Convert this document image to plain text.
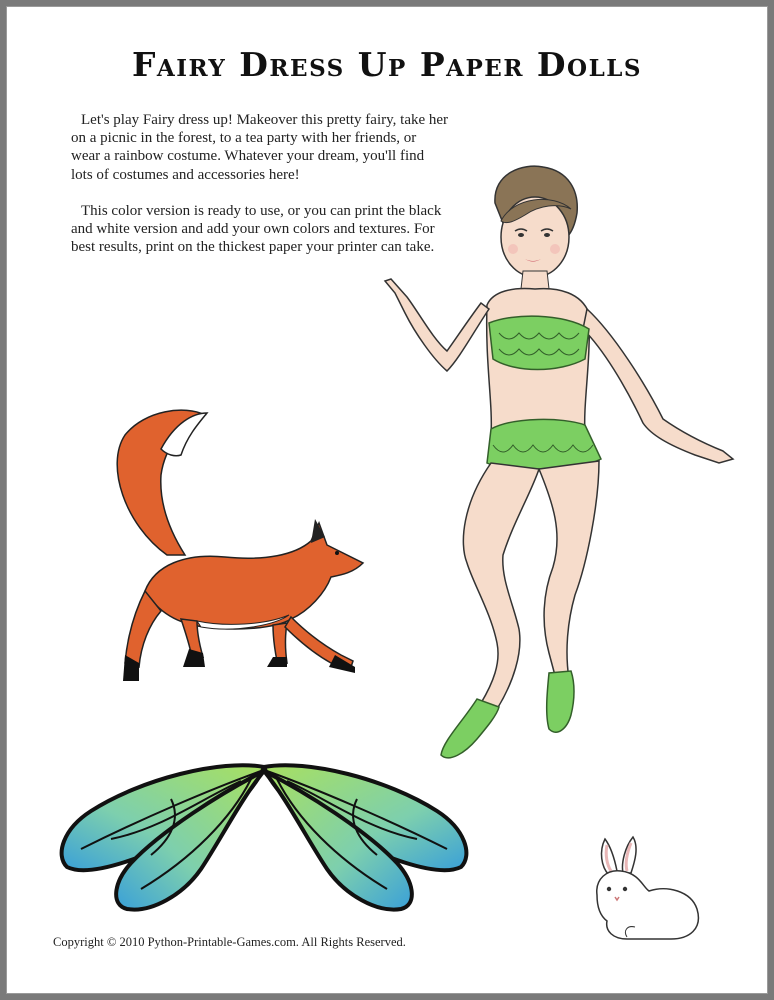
Fairy Dress Up Paper Dolls

Let's play Fairy dress up! Makeover this pretty fairy, take her on a picnic in the forest, to a tea party with her friends, or wear a rainbow costume. Whatever your dream, you'll find lots of costumes and accessories here!

This color version is ready to use, or you can print the black and white version and add your own colors and textures. For best results, print on the thickest paper your printer can take.

Copyright © 2010 Python-Printable-Games.com. All Rights Reserved.
